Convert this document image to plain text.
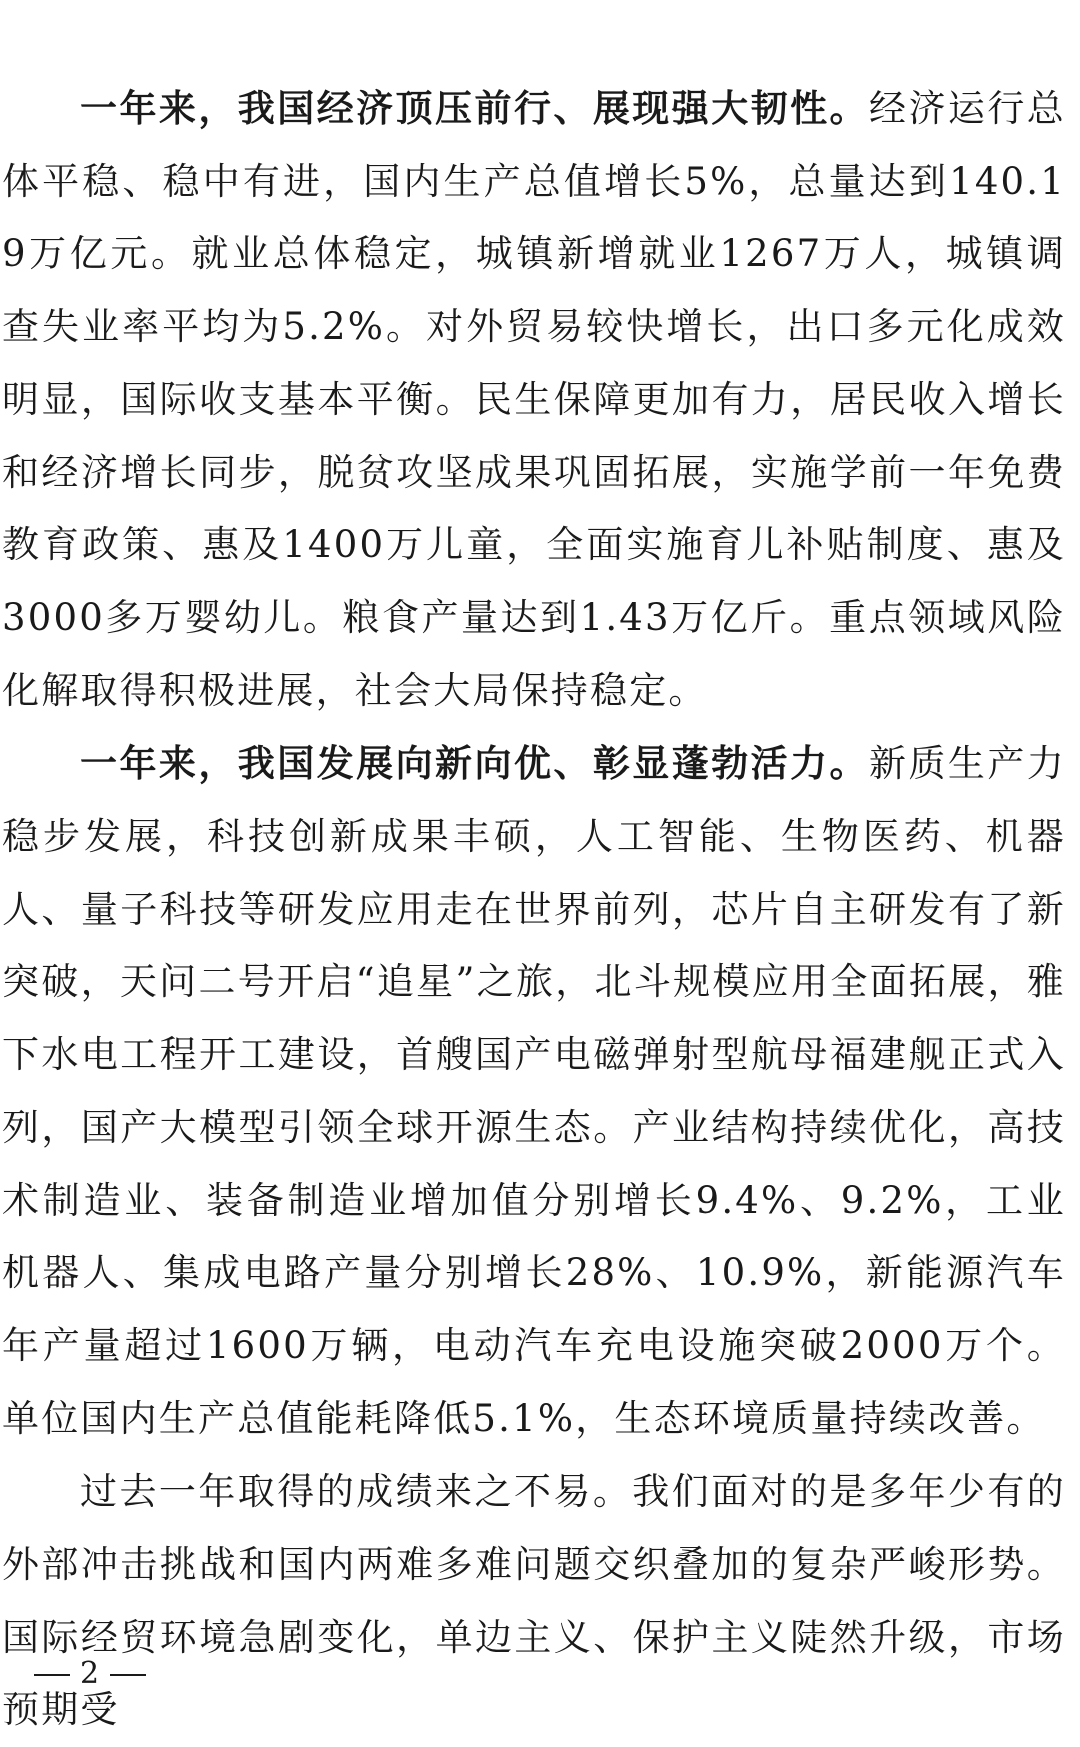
一年来，我国经济顶压前行、展现强大韧性。经济运行总体平稳、稳中有进，国内生产总值增长5%，总量达到140.19万亿元。就业总体稳定，城镇新增就业1267万人，城镇调查失业率平均为5.2%。对外贸易较快增长，出口多元化成效明显，国际收支基本平衡。民生保障更加有力，居民收入增长和经济增长同步，脱贫攻坚成果巩固拓展，实施学前一年免费教育政策、惠及1400万儿童，全面实施育儿补贴制度、惠及3000多万婴幼儿。粮食产量达到1.43万亿斤。重点领域风险化解取得积极进展，社会大局保持稳定。

一年来，我国发展向新向优、彰显蓬勃活力。新质生产力稳步发展，科技创新成果丰硕，人工智能、生物医药、机器人、量子科技等研发应用走在世界前列，芯片自主研发有了新突破，天问二号开启“追星”之旅，北斗规模应用全面拓展，雅下水电工程开工建设，首艘国产电磁弹射型航母福建舰正式入列，国产大模型引领全球开源生态。产业结构持续优化，高技术制造业、装备制造业增加值分别增长9.4%、9.2%，工业机器人、集成电路产量分别增长28%、10.9%，新能源汽车年产量超过1600万辆，电动汽车充电设施突破2000万个。单位国内生产总值能耗降低5.1%，生态环境质量持续改善。

过去一年取得的成绩来之不易。我们面对的是多年少有的外部冲击挑战和国内两难多难问题交织叠加的复杂严峻形势。国际经贸环境急剧变化，单边主义、保护主义陡然升级，市场预期受

2
